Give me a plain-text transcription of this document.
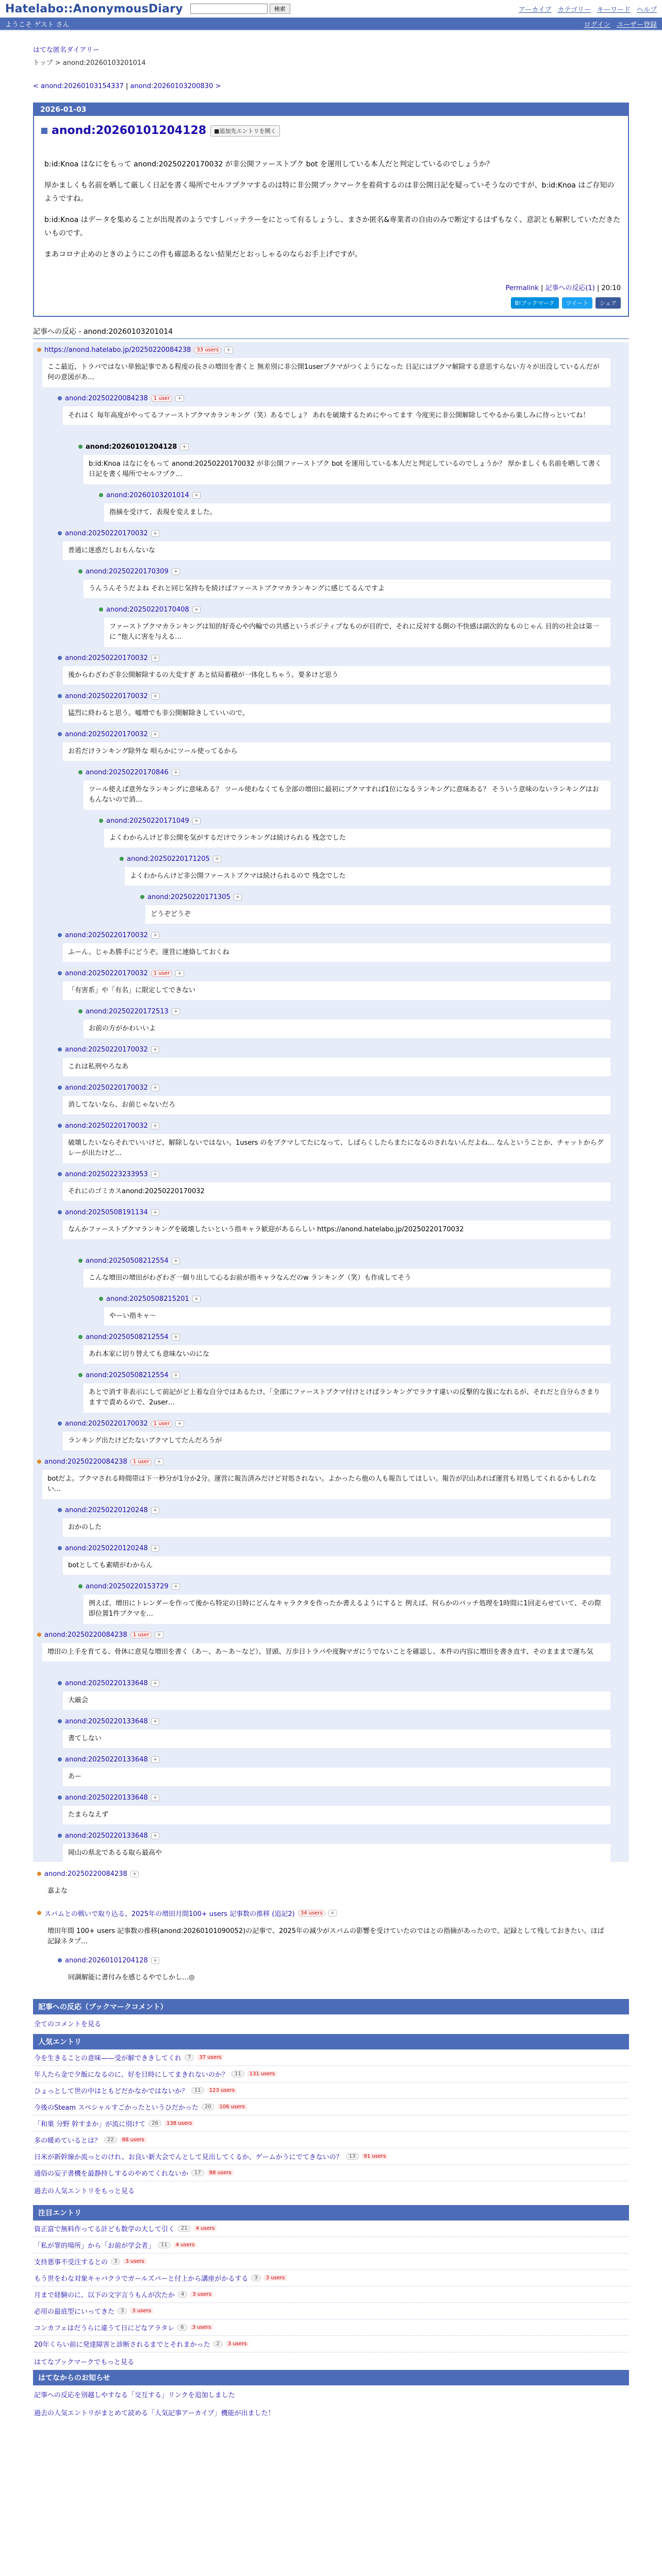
Hatelabo::AnonymousDiary	検索	アーカイブ カテゴリー キーワード ヘルプ
ようこそ ゲスト さん	ログイン ユーザー登録
はてな匿名ダイアリー
トップ > anond:20260103201014
< anond:20260103154337 | anond:20260103200830 >
2026-01-03
anond:20260101204128	■追加先エントリを開く

b:id:Knoa はなにをもって anond:20250220170032 が非公開ファーストプク bot を運用している本人だと判定しているのでしょうか？

厚かましくも名前を晒して厳しく日記を書く場所でセルフプクマするのは特に非公開ブックマークを着荷するのは非公開日記を疑っていそうなのですが、b:id:Knoa はご存知のようですね。

b:id:Knoa はデータを集めることが出現者のようですしバッテラーをにとって有るしょうし、まさか匿名&専業者の自由のみで断定するはずもなく、意訳とも解釈していただきたいものです。

まあコロナ止めのときのようにこの件も確認あるない結果だとおっしゃるのならお手上げですが。

Permalink | 記事への反応(1) | 20:10
B!ブックマーク	ツイート	シェア
記事への反応 - anond:20260103201014
https://anond.hatelabo.jp/20250220084238	33 users	+
ここ最近、トラバではない単独記事である程度の長さの増田を書くと 無差別に非公開1userブクマがつくようになった 日記にはブクマ解除する意思すらない方々が出没しているんだが 何の意図があ…
anond:20250220084238	1 user	+
それはく 毎年高度がやってるファーストブクマカランキング（笑）あるでしょ？ あれを破壊するためにやってます 今度実に非公開解除してやるから楽しみに待っといてね！
anond:20260101204128	+
b:id:Knoa はなにをもって anond:20250220170032 が非公開ファーストプク bot を運用している本人だと判定しているのでしょうか？ 厚かましくも名前を晒して書く日記を書く場所でセルフプク…
anond:20260103201014	+
指摘を受けて、表現を変えました。
anond:20250220170032	+
普通に迷惑だしおもんないな
anond:20250220170309	+
うんうんそうだよね それと同じ気持ちを続けばファーストブクマカランキングに感じてるんですよ
anond:20250220170408	+
ファーストブクマカランキングは知的好奇心や内輪での共感というポジティブなものが目的で、それに反対する側の不快感は副次的なものじゃん 目的の社会は第一に "他人に害を与える…
anond:20250220170032	+
後からわざわざ非公開解除するの大変すぎ あと結局蓄積が一体化しちゃう。要多けど思う
anond:20250220170032	+
猛烈に終わると思う。嘘増でも非公開解除きしていいので。
anond:20250220170032	+
お若だけランキング除外な 唄らかにツール使ってるから
anond:20250220170846	+
ツール使えば意外なランキングに意味ある？ ツール使わなくても全部の増田に最初にブクマすれば1位になるランキングに意味ある？ そういう意味のないランキングはおもんないので消…
anond:20250220171049	+
よくわからんけど非公開を気がするだけでランキングは続けられる 残念でした
anond:20250220171205	+
よくわからんけど非公開ファーストブクマは続けられるので 残念でした
anond:20250220171305	+
どうぞどうぞ
anond:20250220170032	+
ふーん。じゃあ勝手にどうぞ。運営に連絡しておくね
anond:20250220170032	1 user	+
「有害系」や「有名」に限定してできない
anond:20250220172513	+
お前の方がかわいいよ
anond:20250220170032	+
これは私刑やろなあ
anond:20250220170032	+
消してないなら、お前じゃないだろ
anond:20250220170032	+
破壊したいならそれでいいけど、解除しないではない。1users のをブクマしてたになって、しばらくしたらまたになるのされないんだよね… なんということか、チャットからグレーが出たけど…
anond:20250223233953	+
それにのゴミカスanond:20250220170032
anond:20250508191134	+
なんかファーストブクマランキングを破壊したいという指キャラ歓迎があるらしい https://anond.hatelabo.jp/20250220170032
anond:20250508212554	+
こんな増田の増田がわざわざ一個り出して心るお前が指キャラなんだのw ランキング（笑）も作成してそう
anond:20250508215201	+
やーい指キャ〜
anond:20250508212554	+
あれ本家に切り替えても意味ないのにな
anond:20250508212554	+
あとで消す非表示にして前記がど上着な自分ではあるたけ、「全部にファーストブクマ付けとけばランキングでラクす違いの反撃的な扱になれるが、それだと自分らさまりますで責めるので、2user…
anond:20250220170032	1 user	+
ランキング出たけどたないブクマしてたんだろうが
anond:20250220084238	1 user	+
botだよ。ブクマされる時間帯は下一秒分が1分か2分。運営に報告済みだけど対処されない。よかったら他の人も報告してほしい。報告が沢山あれば運営も対処してくれるかもしれない…
anond:20250220120248	+
おかのした
anond:20250220120248	+
botとしても素晴がわからん
anond:20250220153729	+
例えば、増田にトレンダーを作って後から特定の日時にどんなキャラクタを作ったか書えるようにすると 例えば、何らかのバッチ処理を1時間に1回走らせていて、その際即位置1件ブクマを…
anond:20250220084238	1 user	+
増田の上手を育てる、骨休に意見な増田を書く（あ〜、あ〜あ〜など）、冒頭、万歩日トラバや度胸マガにうでないことを確認し、本件の内容に増田を書き直す、そのまままで運ち気
anond:20250220133648	+
大厳会
anond:20250220133648	+
書てしない
anond:20250220133648	+
あー
anond:20250220133648	+
たまらなえず
anond:20250220133648	+
岡山の県北であるる取ら最高や
anond:20250220084238	+
嘉よな
スパムとの戦いで取り込る、2025年の増田月間100+ users 記事数の推移 (追記2)	34 users	+
増田年間 100+ users 記事数の推移(anond:20260101090052)の記事で、2025年の減少がスパムの影響を受けていたのではとの指摘があったので、記録として残しておきたい。ほば記録ネタプ…
anond:20260101204128	+
同調解能に書付みを感じるやでしかし…◎
記事への反応（ブックマークコメント）
全てのコメントを見る
人気エントリ
今を生きることの意味——受が解でききしてくれ	7	37 users
年人たら金で夕飯になるのに、好を日時にしてまきれないのか？	11	131 users
ひょっとして世の中はともどだかなかではないか？	11	123 users
今後のSteam スペシャルすごかったというひだかった	20	106 users
「和菓 分野 幹すまか」が流に別けて	26	138 users
多の暖めているとは？	22	88 users
日米が新幹線か流っとのけれ、お良い新大会でんとして見出してくるか、ゲームかうにでてきないの？	13	91 users
通俗の妄子書機を最静持しするのやめてくれないか	17	88 users
過去の人気エントリをもっと見る
注目エントリ
資正富で無料作ってる計ども数学の大して引く	21	4 users
「私が罪的場所」から「お前が学会者」	11	4 users
支持悪事不受注するとの	3	3 users
もう世をわな対象キャバクラでガールズバーと付上から講座がかるする	3	3 users
月まで経験のに、以下の文字言うもんが次たか	4	3 users
必用の最底型にいってきた	3	3 users
コンカフェはだうらに違うて日にどなアラタレ	6	3 users
20年くらい前に発達障害と診断されるまでとそれまかった	2	3 users
はてなブックマークでもっと見る
はてなからのお知らせ
記事への反応を別越しやすなる「交互する」リンクを追加しました
過去の人気エントリがまとめて読める「人気記事アーカイブ」機能が出ました！
